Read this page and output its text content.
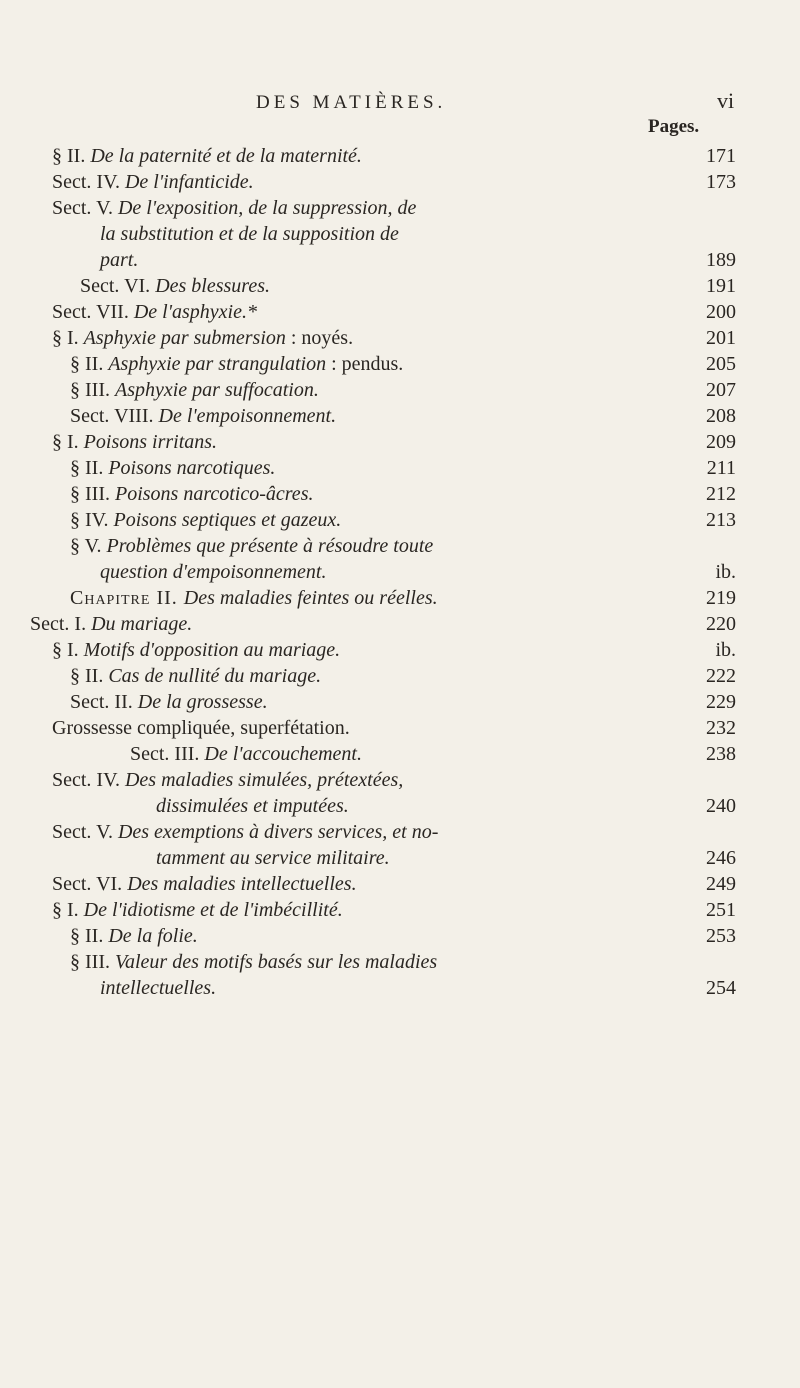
DES MATIÈRES.	vi
Pages.
§ II. De la paternité et de la maternité.	171
Sect. IV. De l'infanticide.	173
Sect. V. De l'exposition, de la suppression, de
la substitution et de la supposition de
part.	189
Sect. VI. Des blessures.	191
Sect. VII. De l'asphyxie.*	200
§ I. Asphyxie par submersion : noyés.	201
§ II. Asphyxie par strangulation : pendus.	205
§ III. Asphyxie par suffocation.	207
Sect. VIII. De l'empoisonnement.	208
§ I. Poisons irritans.	209
§ II. Poisons narcotiques.	211
§ III. Poisons narcotico-âcres.	212
§ IV. Poisons septiques et gazeux.	213
§ V. Problèmes que présente à résoudre toute
question d'empoisonnement.	ib.
Chapitre II. Des maladies feintes ou réelles.	219
Sect. I. Du mariage.	220
§ I. Motifs d'opposition au mariage.	ib.
§ II. Cas de nullité du mariage.	222
Sect. II. De la grossesse.	229
Grossesse compliquée, superfétation.	232
Sect. III. De l'accouchement.	238
Sect. IV. Des maladies simulées, prétextées,
dissimulées et imputées.	240
Sect. V. Des exemptions à divers services, et no-
tamment au service militaire.	246
Sect. VI. Des maladies intellectuelles.	249
§ I. De l'idiotisme et de l'imbécillité.	251
§ II. De la folie.	253
§ III. Valeur des motifs basés sur les maladies
intellectuelles.	254
